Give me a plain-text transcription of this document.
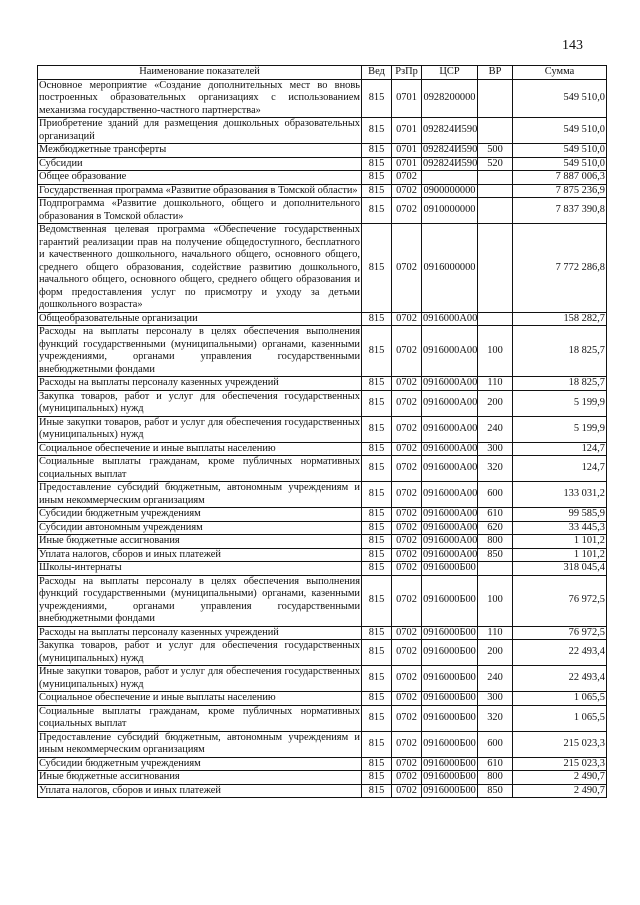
143
Наименование показателей	Вед	РзПр	ЦСР	ВР	Сумма
Основное мероприятие «Создание дополнительных мест во вновь построенных образовательных организациях с использованием механизма государственно-частного партнерства»	815	0701	0928200000		549 510,0
Приобретение зданий для размещения дошкольных образовательных организаций	815	0701	092824И590		549 510,0
Межбюджетные трансферты	815	0701	092824И590	500	549 510,0
Субсидии	815	0701	092824И590	520	549 510,0
Общее образование	815	0702			7 887 006,3
Государственная программа «Развитие образования в Томской области»	815	0702	0900000000		7 875 236,9
Подпрограмма «Развитие дошкольного, общего и дополнительного образования в Томской области»	815	0702	0910000000		7 837 390,8
Ведомственная целевая программа «Обеспечение государственных гарантий реализации прав на получение общедоступного, бесплатного и качественного дошкольного, начального общего, основного общего, среднего общего образования, содействие развитию дошкольного, начального общего, основного общего, среднего общего образования и форм предоставления услуг по присмотру и уходу за детьми дошкольного возраста»	815	0702	0916000000		7 772 286,8
Общеобразовательные организации	815	0702	0916000А00		158 282,7
Расходы на выплаты персоналу в целях обеспечения выполнения функций государственными (муниципальными) органами, казенными учреждениями, органами управления государственными внебюджетными фондами	815	0702	0916000А00	100	18 825,7
Расходы на выплаты персоналу казенных учреждений	815	0702	0916000А00	110	18 825,7
Закупка товаров, работ и услуг для обеспечения государственных (муниципальных) нужд	815	0702	0916000А00	200	5 199,9
Иные закупки товаров, работ и услуг для обеспечения государственных (муниципальных) нужд	815	0702	0916000А00	240	5 199,9
Социальное обеспечение и иные выплаты населению	815	0702	0916000А00	300	124,7
Социальные выплаты гражданам, кроме публичных нормативных социальных выплат	815	0702	0916000А00	320	124,7
Предоставление субсидий бюджетным, автономным учреждениям и иным некоммерческим организациям	815	0702	0916000А00	600	133 031,2
Субсидии бюджетным учреждениям	815	0702	0916000А00	610	99 585,9
Субсидии автономным учреждениям	815	0702	0916000А00	620	33 445,3
Иные бюджетные ассигнования	815	0702	0916000А00	800	1 101,2
Уплата налогов, сборов и иных платежей	815	0702	0916000А00	850	1 101,2
Школы-интернаты	815	0702	0916000Б00		318 045,4
Расходы на выплаты персоналу в целях обеспечения выполнения функций государственными (муниципальными) органами, казенными учреждениями, органами управления государственными внебюджетными фондами	815	0702	0916000Б00	100	76 972,5
Расходы на выплаты персоналу казенных учреждений	815	0702	0916000Б00	110	76 972,5
Закупка товаров, работ и услуг для обеспечения государственных (муниципальных) нужд	815	0702	0916000Б00	200	22 493,4
Иные закупки товаров, работ и услуг для обеспечения государственных (муниципальных) нужд	815	0702	0916000Б00	240	22 493,4
Социальное обеспечение и иные выплаты населению	815	0702	0916000Б00	300	1 065,5
Социальные выплаты гражданам, кроме публичных нормативных социальных выплат	815	0702	0916000Б00	320	1 065,5
Предоставление субсидий бюджетным, автономным учреждениям и иным некоммерческим организациям	815	0702	0916000Б00	600	215 023,3
Субсидии бюджетным учреждениям	815	0702	0916000Б00	610	215 023,3
Иные бюджетные ассигнования	815	0702	0916000Б00	800	2 490,7
Уплата налогов, сборов и иных платежей	815	0702	0916000Б00	850	2 490,7
